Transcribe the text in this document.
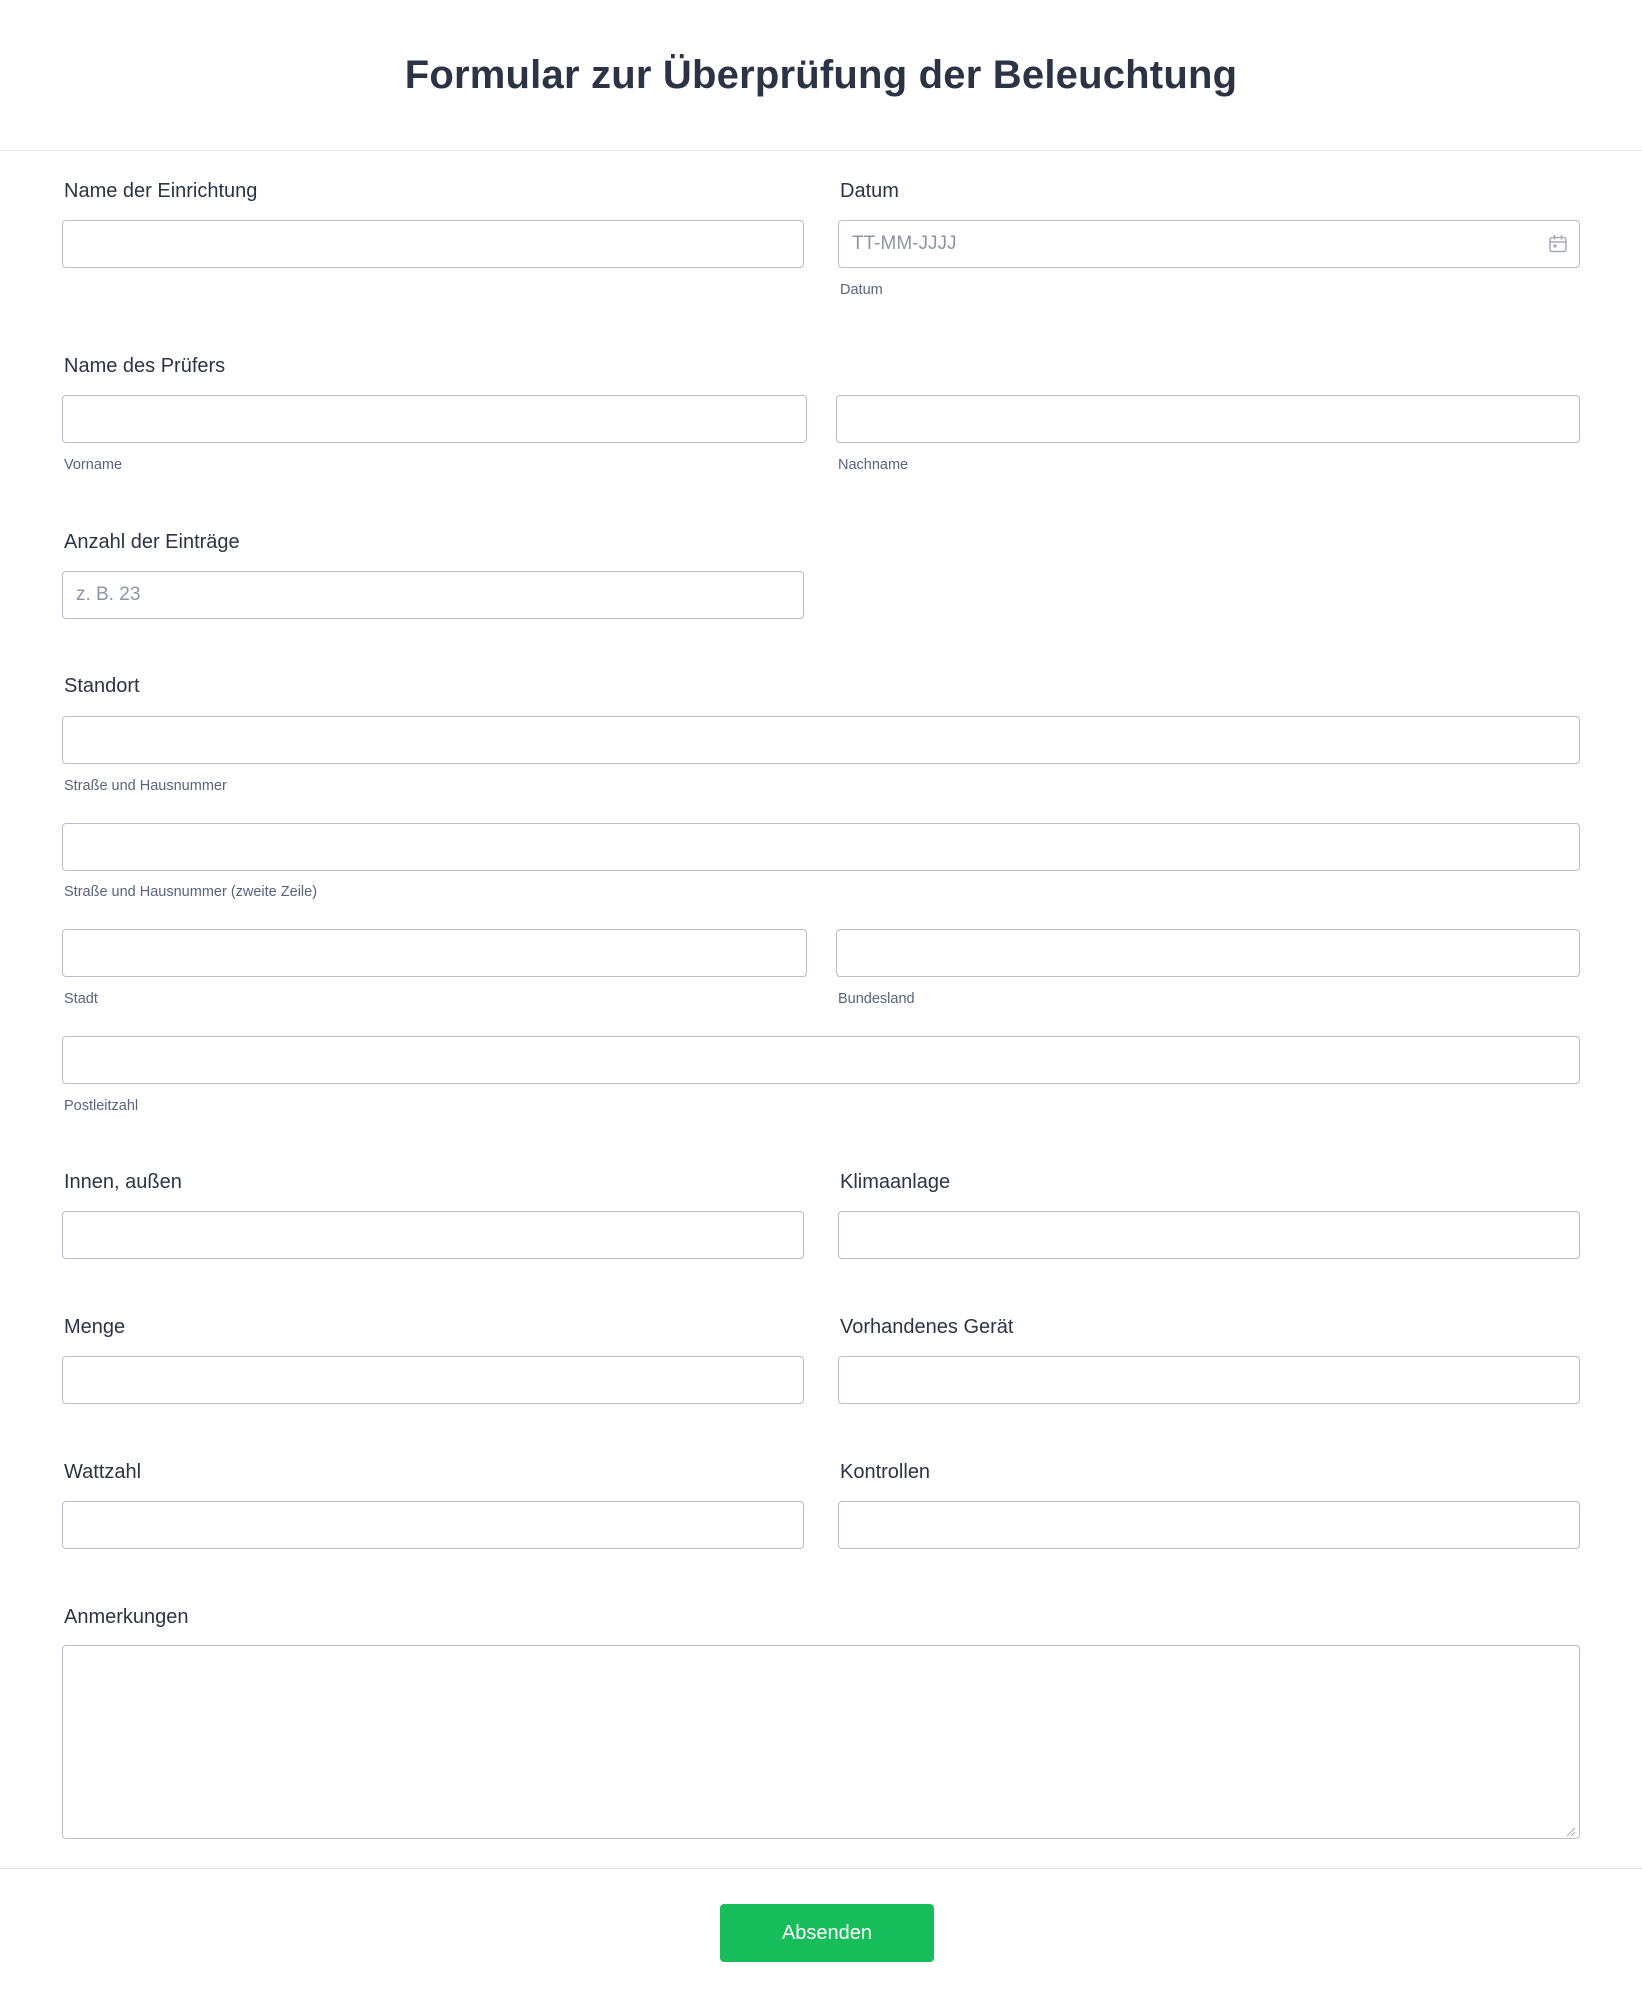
Formular zur Überprüfung der Beleuchtung

Name der Einrichtung	Datum

TT-MM-JJJJ

Datum

Name des Prüfers

Vorname	Nachname

Anzahl der Einträge

z. B. 23

Standort

Straße und Hausnummer

Straße und Hausnummer (zweite Zeile)

Stadt	Bundesland

Postleitzahl

Innen, außen	Klimaanlage

Menge	Vorhandenes Gerät

Wattzahl	Kontrollen

Anmerkungen

Absenden
